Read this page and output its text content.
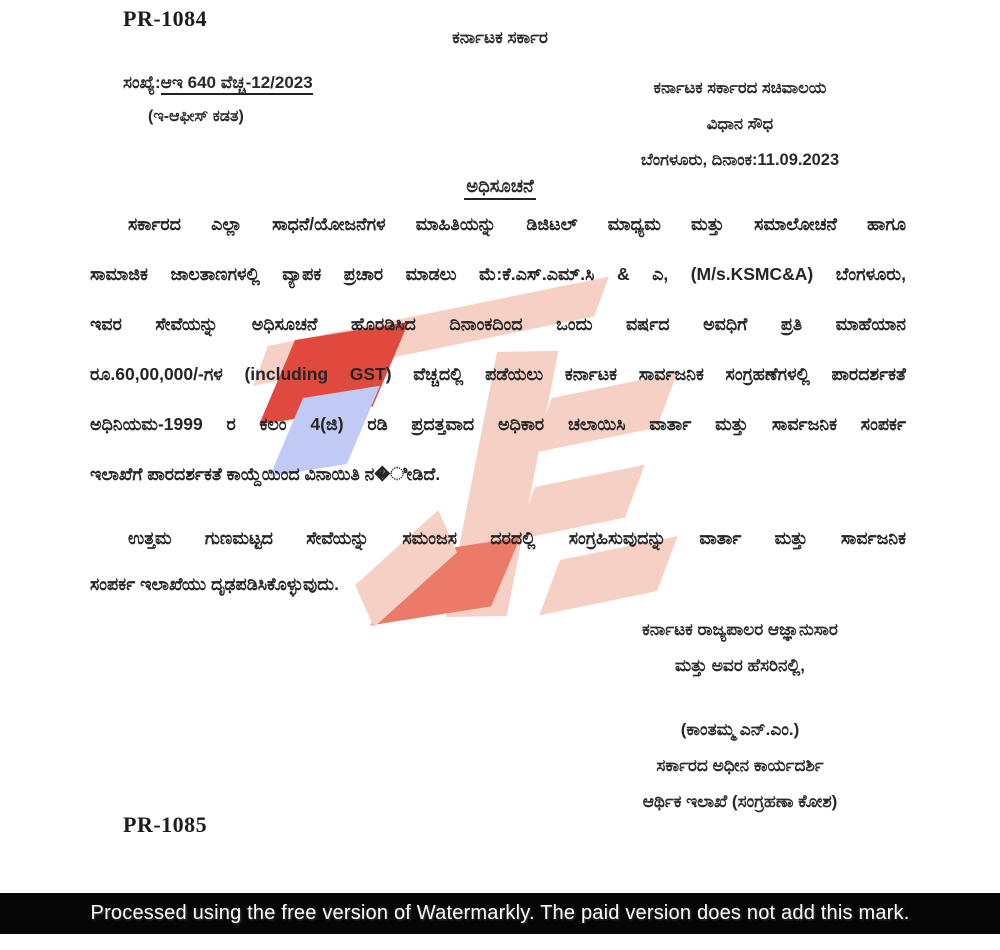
PR-1084
ಕರ್ನಾಟಕ ಸರ್ಕಾರ
ಸಂಖ್ಯೆ:ಆಇ 640 ವೆಚ್ಚ-12/2023
(ಇ-ಆಫೀಸ್ ಕಡತ)
ಕರ್ನಾಟಕ ಸರ್ಕಾರದ ಸಚಿವಾಲಯ
ವಿಧಾನ ಸೌಧ
ಬೆಂಗಳೂರು, ದಿನಾಂಕ:11.09.2023
ಅಧಿಸೂಚನೆ
ಸರ್ಕಾರದ ಎಲ್ಲಾ ಸಾಧನೆ/ಯೋಜನೆಗಳ ಮಾಹಿತಿಯನ್ನು ಡಿಜಿಟಲ್ ಮಾಧ್ಯಮ ಮತ್ತು ಸಮಾಲೋಚನೆ ಹಾಗೂ
ಸಾಮಾಜಿಕ ಜಾಲತಾಣಗಳಲ್ಲಿ ವ್ಯಾಪಕ ಪ್ರಚಾರ ಮಾಡಲು ಮೆ:ಕೆ.ಎಸ್.ಎಮ್.ಸಿ & ಎ, (M/s.KSMC&A) ಬೆಂಗಳೂರು,
ಇವರ ಸೇವೆಯನ್ನು ಅಧಿಸೂಚನೆ ಹೊರಡಿಸಿದ ದಿನಾಂಕದಿಂದ ಒಂದು ವರ್ಷದ ಅವಧಿಗೆ ಪ್ರತಿ ಮಾಹೆಯಾನ
ರೂ.60,00,000/-ಗಳ (including GST) ವೆಚ್ಚದಲ್ಲಿ ಪಡೆಯಲು ಕರ್ನಾಟಕ ಸಾರ್ವಜನಿಕ ಸಂಗ್ರಹಣೆಗಳಲ್ಲಿ ಪಾರದರ್ಶಕತೆ
ಅಧಿನಿಯಮ-1999 ರ ಕಲಂ 4(ಜಿ) ರಡಿ ಪ್ರದತ್ತವಾದ ಅಧಿಕಾರ ಚಲಾಯಿಸಿ ವಾರ್ತಾ ಮತ್ತು ಸಾರ್ವಜನಿಕ ಸಂಪರ್ಕ
ಇಲಾಖೆಗೆ ಪಾರದರ್ಶಕತೆ ಕಾಯ್ದೆಯಿಂದ ವಿನಾಯಿತಿ ನ�ೀಡಿದೆ.
ಉತ್ತಮ ಗುಣಮಟ್ಟದ ಸೇವೆಯನ್ನು ಸಮಂಜಸ ದರದಲ್ಲಿ ಸಂಗ್ರಹಿಸುವುದನ್ನು ವಾರ್ತಾ ಮತ್ತು ಸಾರ್ವಜನಿಕ
ಸಂಪರ್ಕ ಇಲಾಖೆಯು ದೃಢಪಡಿಸಿಕೊಳ್ಳುವುದು.
ಕರ್ನಾಟಕ ರಾಜ್ಯಪಾಲರ ಆಜ್ಞಾನುಸಾರ
ಮತ್ತು ಅವರ ಹೆಸರಿನಲ್ಲಿ,
(ಕಾಂತಮ್ಮ ಎನ್.ಎಂ.)
ಸರ್ಕಾರದ ಅಧೀನ ಕಾರ್ಯದರ್ಶಿ
ಆರ್ಥಿಕ ಇಲಾಖೆ (ಸಂಗ್ರಹಣಾ ಕೋಶ)
PR-1085
Processed using the free version of Watermarkly. The paid version does not add this mark.
